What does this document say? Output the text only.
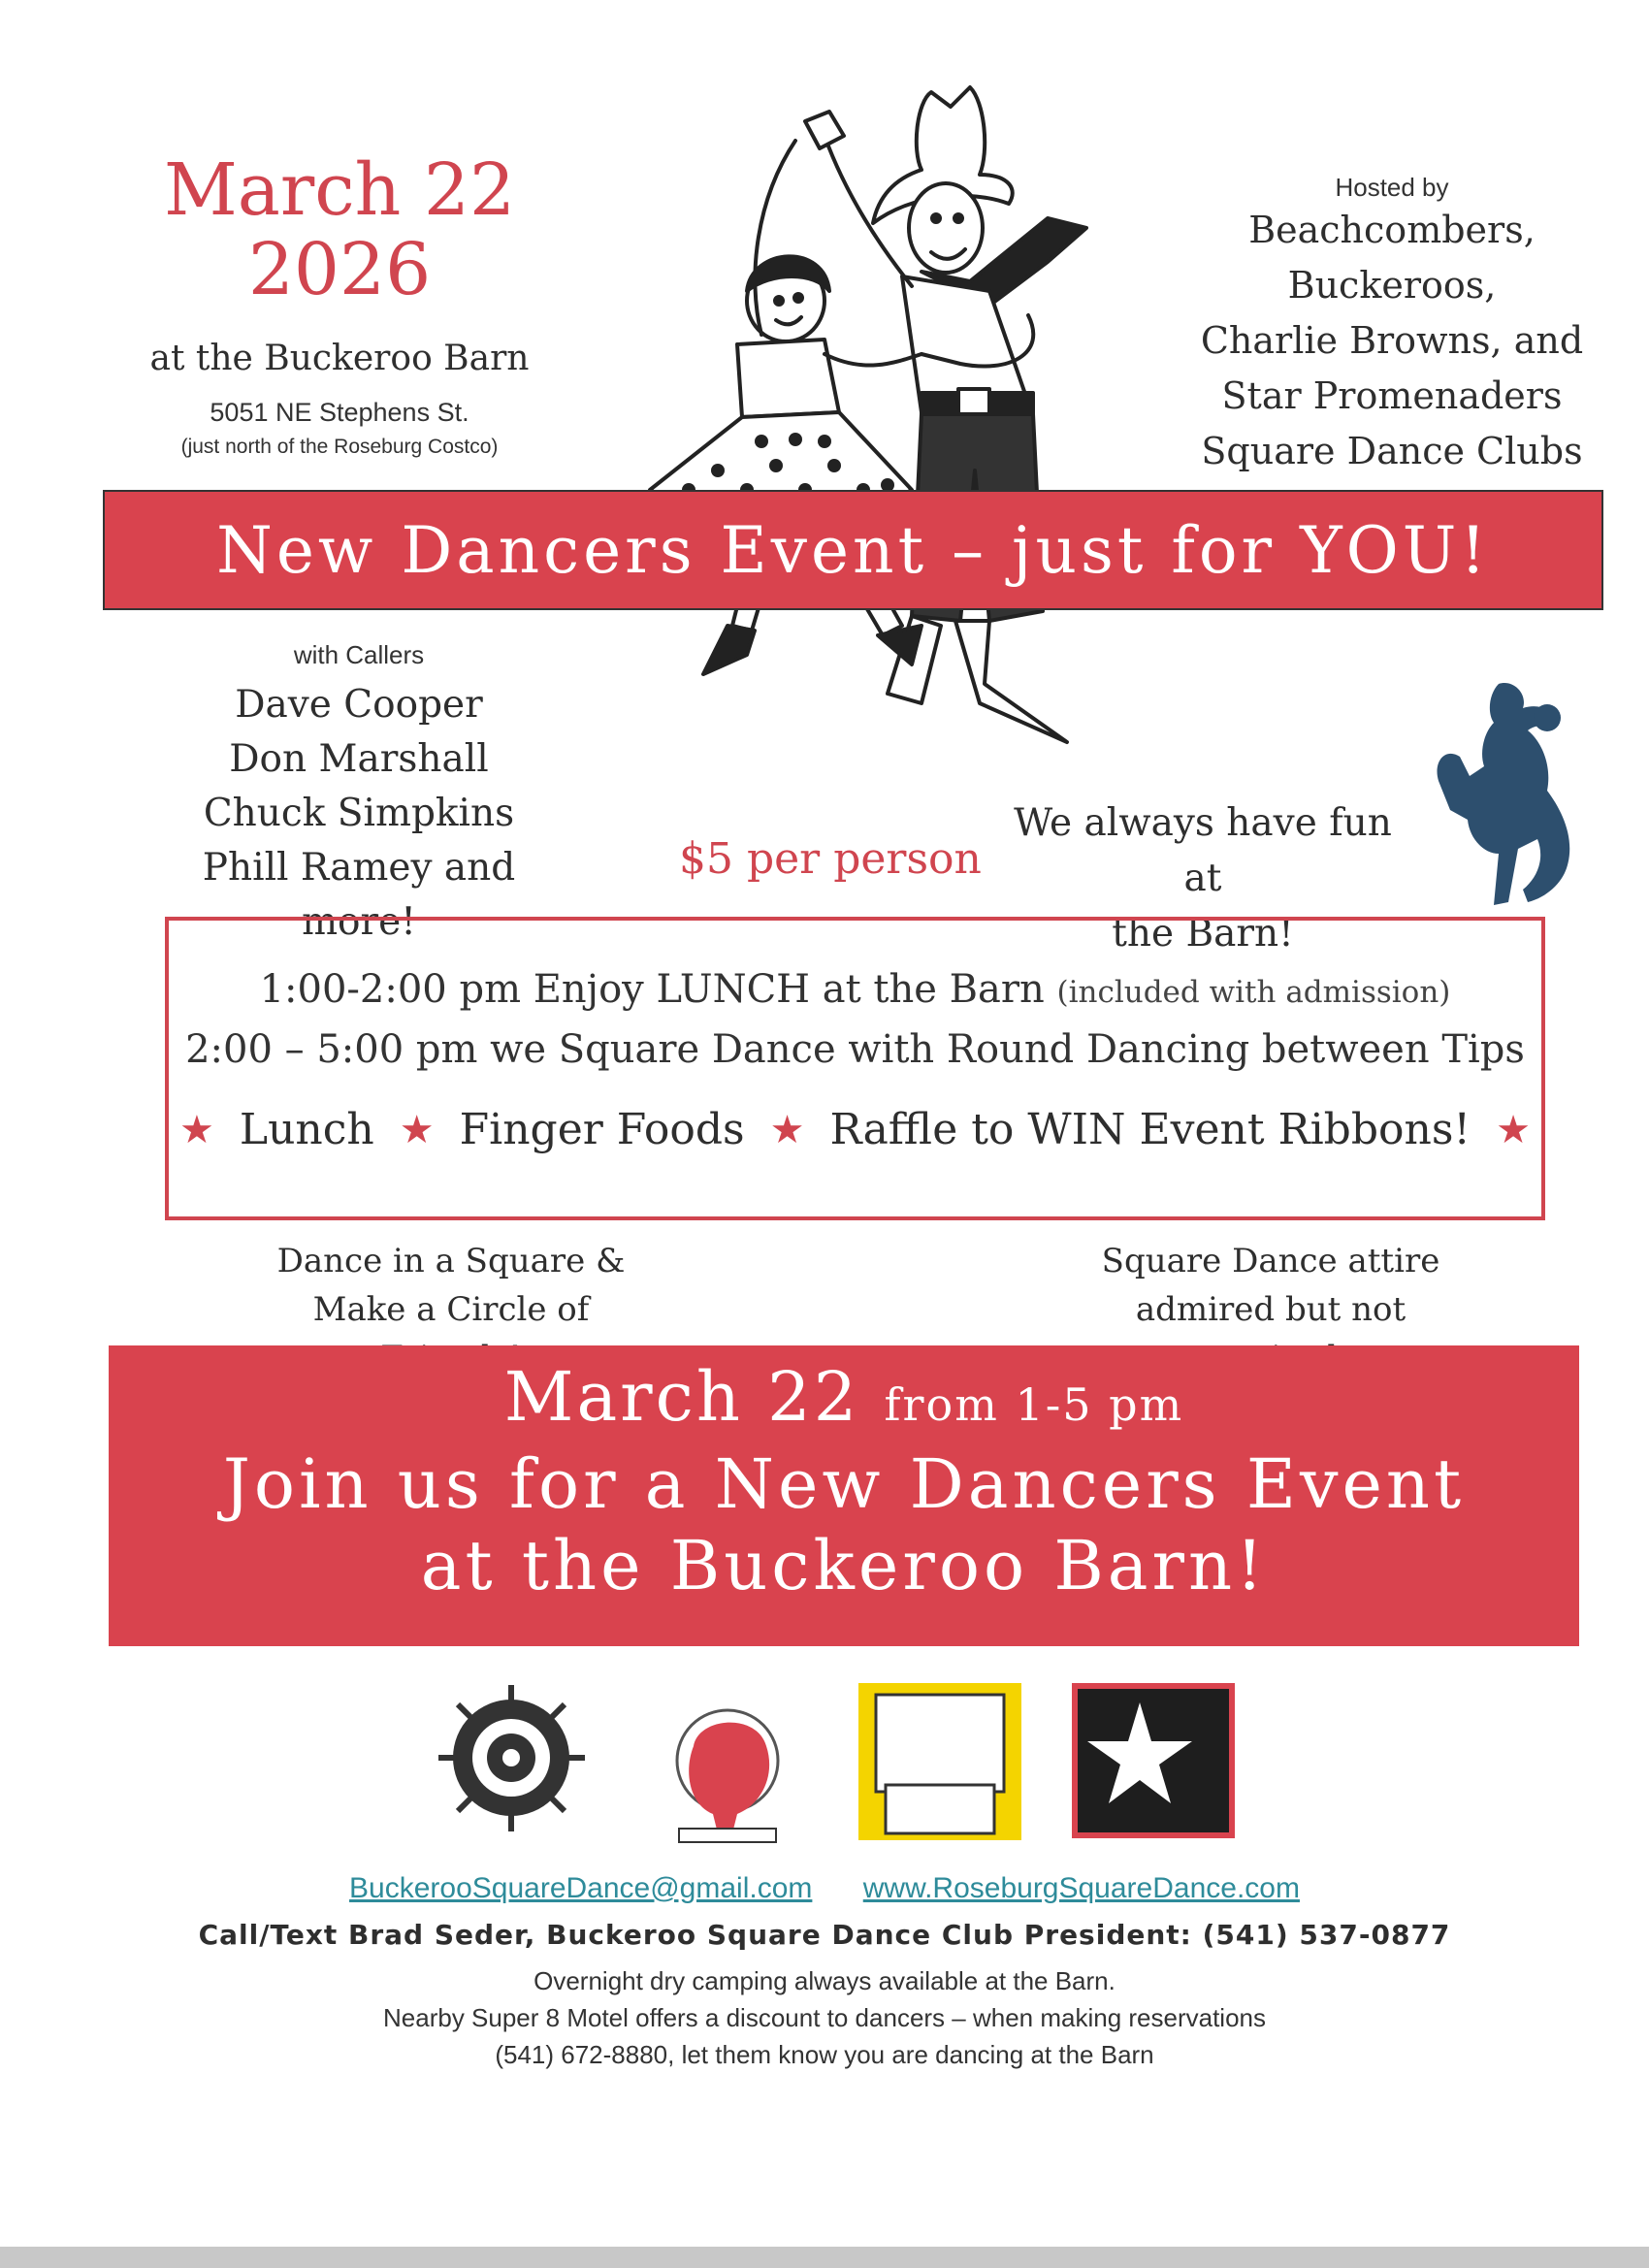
March 22
2026
at the Buckeroo Barn
5051 NE Stephens St.
(just north of the Roseburg Costco)
Hosted by
Beachcombers,
Buckeroos,
Charlie Browns, and
Star Promenaders
Square Dance Clubs
New Dancers Event – just for YOU!
with Callers
Dave Cooper
Don Marshall
Chuck Simpkins
Phill Ramey and more!
$5 per person
We always have fun at
the Barn!
1:00-2:00 pm Enjoy LUNCH at the Barn (included with admission)
2:00 – 5:00 pm we Square Dance with Round Dancing between Tips
★ Lunch ★ Finger Foods ★ Raffle to WIN Event Ribbons! ★
Dance in a Square &
Make a Circle of
Square Dance attire
admired but not
March 22 from 1-5 pm
Join us for a New Dancers Event
at the Buckeroo Barn!
BuckerooSquareDance@gmail.com www.RoseburgSquareDance.com
Call/Text Brad Seder, Buckeroo Square Dance Club President: (541) 537-0877
Overnight dry camping always available at the Barn.
Nearby Super 8 Motel offers a discount to dancers – when making reservations
(541) 672-8880, let them know you are dancing at the Barn
